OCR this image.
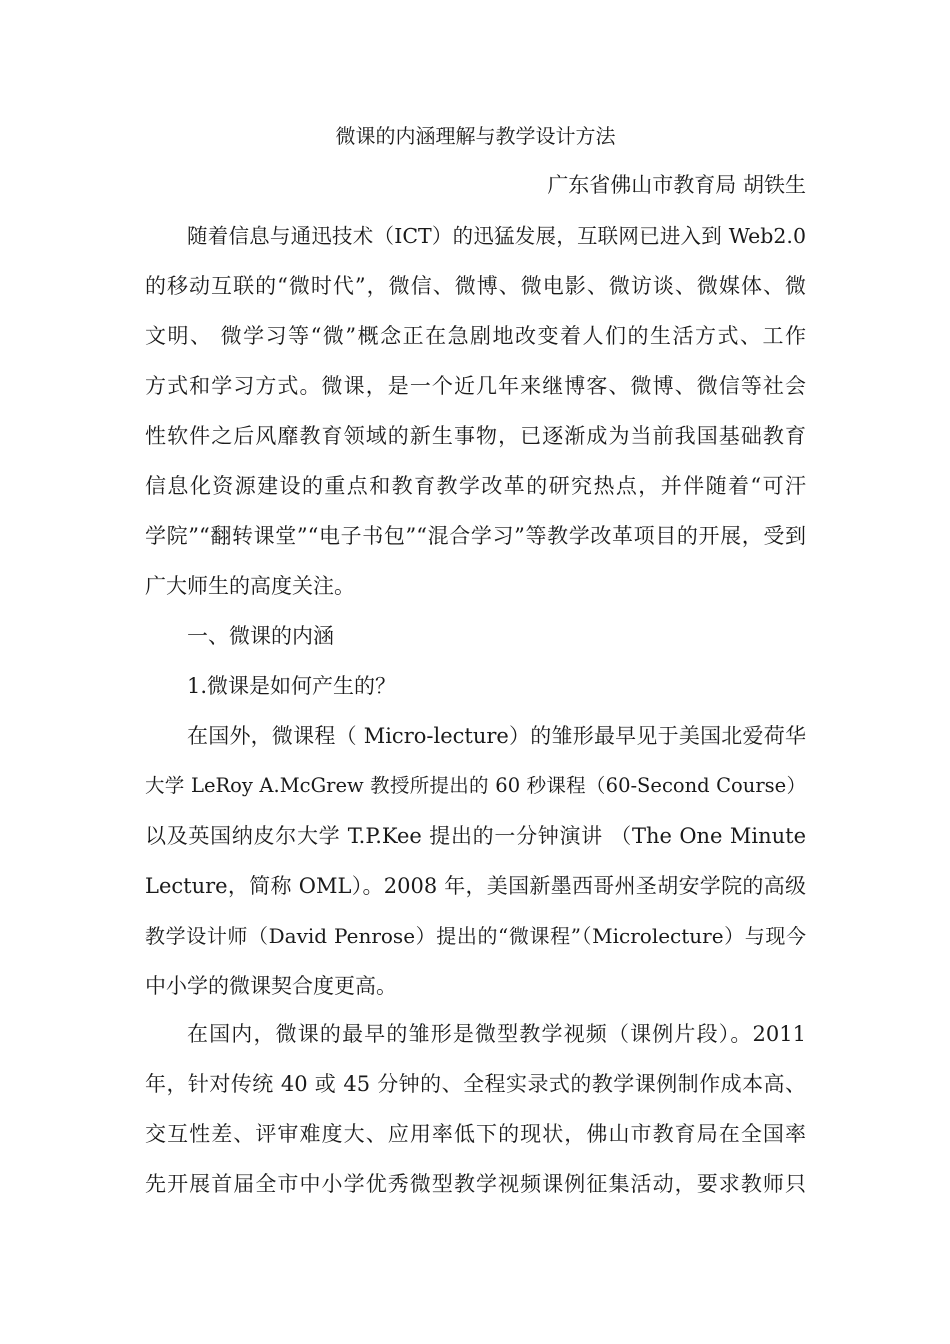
微课的内涵理解与教学设计方法
广东省佛山市教育局 胡铁生
随着信息与通迅技术（ICT）的迅猛发展，互联网已进入到 Web2.0
的移动互联的“微时代”，微信、微博、微电影、微访谈、微媒体、微
文明、 微学习等“微”概念正在急剧地改变着人们的生活方式、工作
方式和学习方式。微课，是一个近几年来继博客、微博、微信等社会
性软件之后风靡教育领域的新生事物，已逐渐成为当前我国基础教育
信息化资源建设的重点和教育教学改革的研究热点，并伴随着“可汗
学院”“翻转课堂”“电子书包”“混合学习”等教学改革项目的开展，受到
广大师生的高度关注。
一、微课的内涵
1.微课是如何产生的？
在国外，微课程（ Micro-lecture）的雏形最早见于美国北爱荷华
大学 LeRoy A.McGrew 教授所提出的 60 秒课程（60-Second Course）
以及英国纳皮尔大学 T.P.Kee 提出的一分钟演讲 （The One Minute
Lecture，简称 OML）。2008 年，美国新墨西哥州圣胡安学院的高级
教学设计师（David Penrose）提出的“微课程”（Microlecture）与现今
中小学的微课契合度更高。
在国内，微课的最早的雏形是微型教学视频（课例片段）。2011
年，针对传统 40 或 45 分钟的、全程实录式的教学课例制作成本高、
交互性差、评审难度大、应用率低下的现状，佛山市教育局在全国率
先开展首届全市中小学优秀微型教学视频课例征集活动，要求教师只
